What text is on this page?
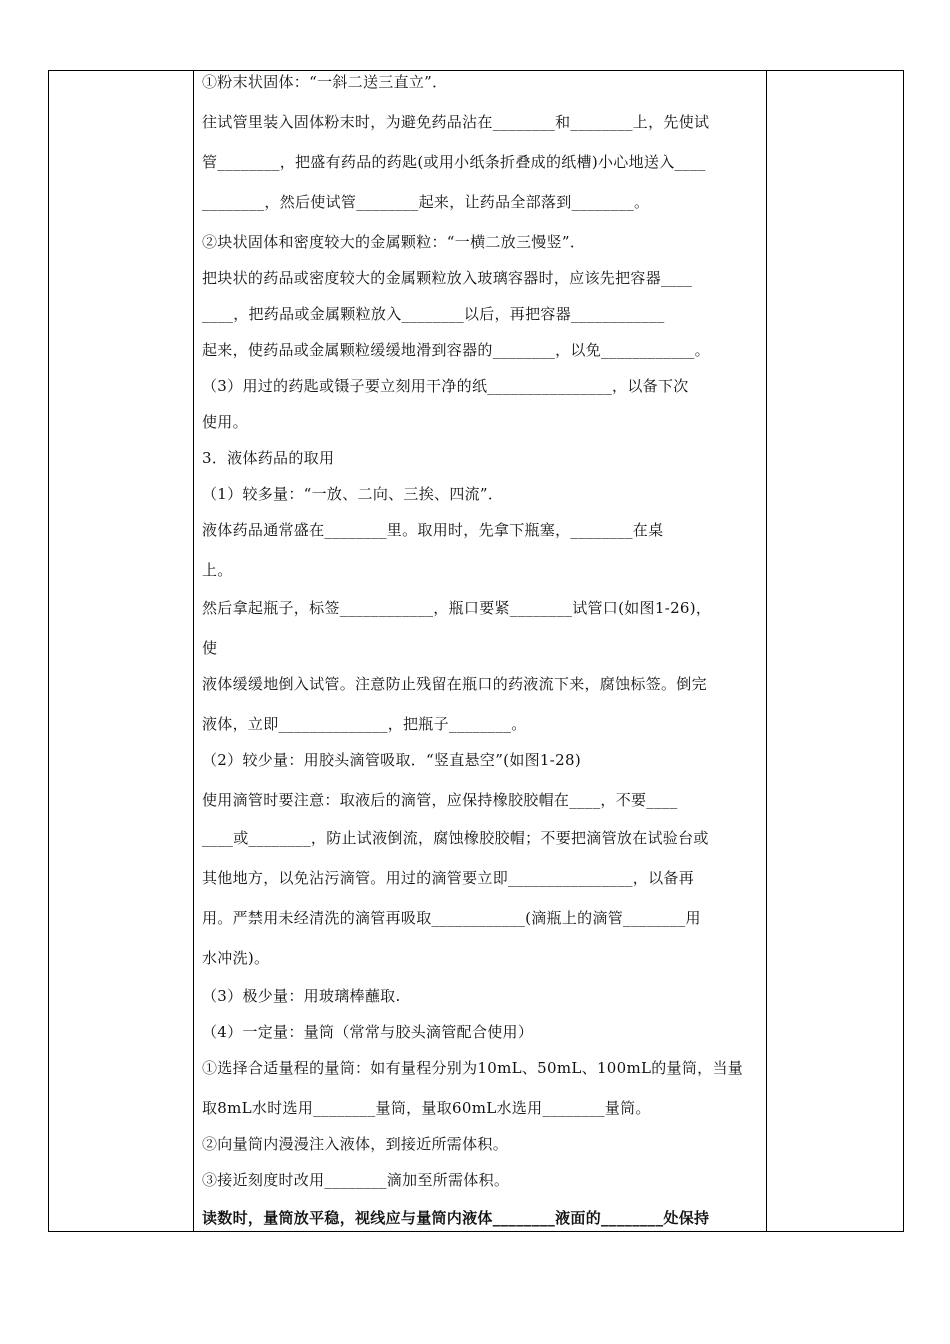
①粉末状固体：“一斜二送三直立”．
往试管里装入固体粉末时，为避免药品沾在________和________上，先使试
管________，把盛有药品的药匙(或用小纸条折叠成的纸槽)小心地送入____
________，然后使试管________起来，让药品全部落到________。
②块状固体和密度较大的金属颗粒：“一横二放三慢竖”．
把块状的药品或密度较大的金属颗粒放入玻璃容器时，应该先把容器____
____，把药品或金属颗粒放入________以后，再把容器____________
起来，使药品或金属颗粒缓缓地滑到容器的________，以免____________。
（3）用过的药匙或镊子要立刻用干净的纸________________，以备下次
使用。
3．液体药品的取用
（1）较多量：“一放、二向、三挨、四流”．
液体药品通常盛在________里。取用时，先拿下瓶塞，________在桌
上。
然后拿起瓶子，标签____________，瓶口要紧________试管口(如图1-26)，
使
液体缓缓地倒入试管。注意防止残留在瓶口的药液流下来，腐蚀标签。倒完
液体，立即______________，把瓶子________。
（2）较少量：用胶头滴管吸取．“竖直悬空”(如图1-28)
使用滴管时要注意：取液后的滴管，应保持橡胶胶帽在____，不要____
____或________，防止试液倒流，腐蚀橡胶胶帽；不要把滴管放在试验台或
其他地方，以免沾污滴管。用过的滴管要立即________________，以备再
用。严禁用未经清洗的滴管再吸取____________(滴瓶上的滴管________用
水冲洗)。
（3）极少量：用玻璃棒蘸取.
（4）一定量：量筒（常常与胶头滴管配合使用）
①选择合适量程的量筒：如有量程分别为10mL、50mL、100mL的量筒，当量
取8mL水时选用________量筒，量取60mL水选用________量筒。
②向量筒内漫漫注入液体，到接近所需体积。
③接近刻度时改用________滴加至所需体积。
读数时，量筒放平稳，视线应与量筒内液体________液面的________处保持
